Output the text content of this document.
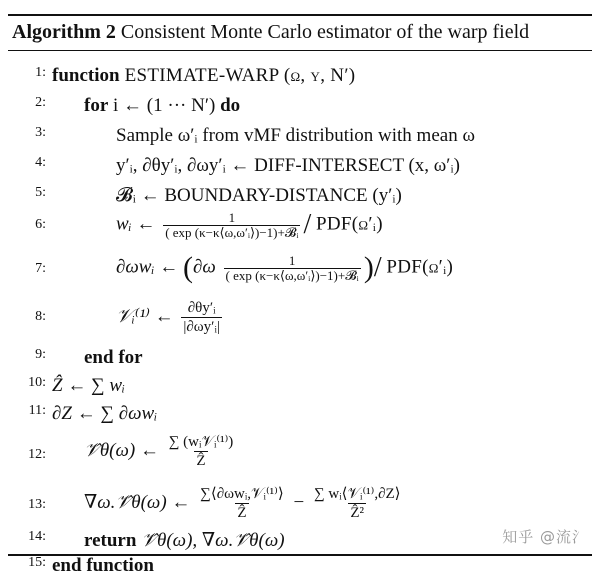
Algorithm 2 Consistent Monte Carlo estimator of the warp field
1: function ESTIMATE-WARP (ω, y, N′)
2: for i ← (1 ··· N′) do
3:	Sample ω′ᵢ from vMF distribution with mean ω
4:	y′ᵢ, ∂θy′ᵢ, ∂ωy′ᵢ ← DIFF-INTERSECT (x, ω′ᵢ)
5:	𝓑ᵢ ← BOUNDARY-DISTANCE (y′ᵢ)
6:	wᵢ ← $\frac{1}{\text{( exp (κ−κ⟨ω,ω′ᵢ⟩)−1)+𝓑ᵢ}}$ / PDF(ω′ᵢ)
7:	∂ωwᵢ ← ($\partial\omega \frac{1}{\text{( exp (κ−κ⟨ω,ω′ᵢ⟩)−1)+𝓑ᵢ}}$ )/ PDF(ω′ᵢ)
8:	𝒱ᵢ⁽¹⁾ ← $\frac{\text{∂θy′ᵢ}}{\text{|∂ωy′ᵢ|}}$
9: end for
10: Ẑ ← ∑ wᵢ
11: ∂Z ← ∑ ∂ωwᵢ
12: 𝒱̂θ(ω) ← $\frac{\text{∑ (wᵢ𝒱ᵢ⁽¹⁾)}}{\text{Ẑ}}$
13: ∇ω.𝒱̂θ(ω) ← $\frac{\text{∑⟨∂ωwᵢ,𝒱ᵢ⁽¹⁾⟩}}{\text{Ẑ}} - \frac{\text{∑ wᵢ⟨𝒱ᵢ⁽¹⁾,∂Z⟩}}{\text{Ẑ²}}$
14: return 𝒱̂θ(ω), ∇ω.𝒱̂θ(ω)
15: end function
知乎 @流氵
